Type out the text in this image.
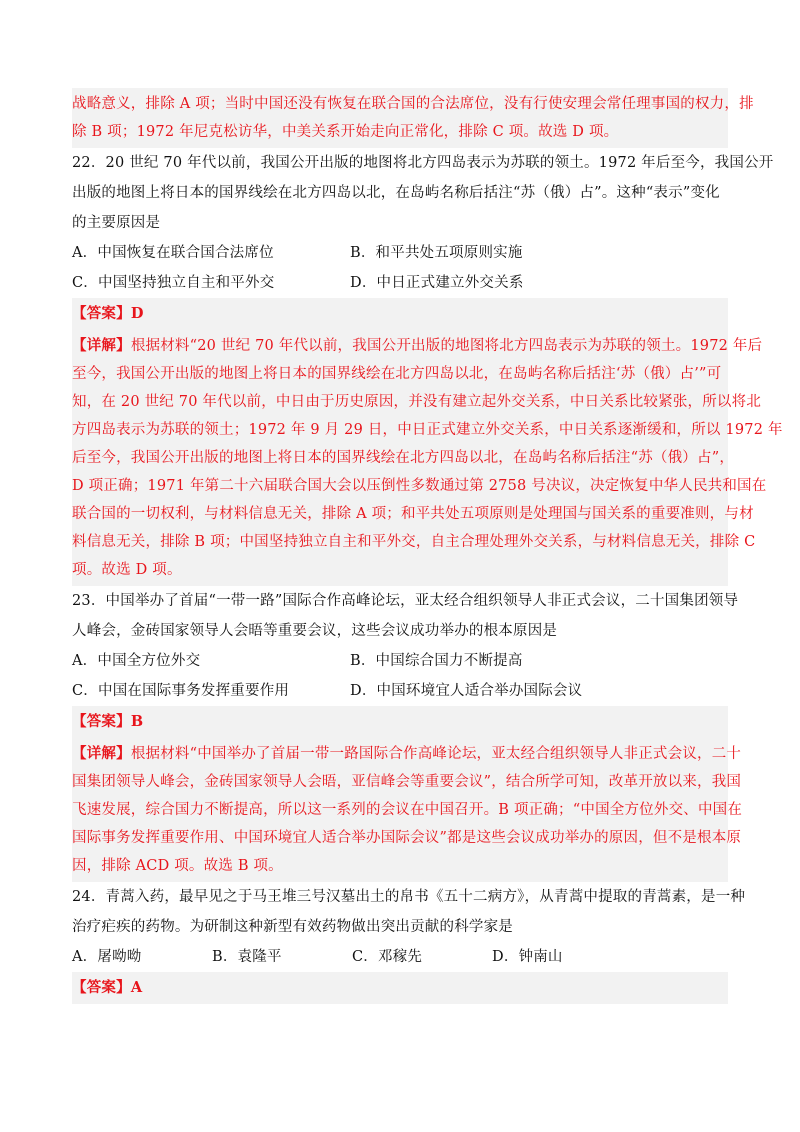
战略意义，排除 A 项；当时中国还没有恢复在联合国的合法席位，没有行使安理会常任理事国的权力，排
除 B 项；1972 年尼克松访华，中美关系开始走向正常化，排除 C 项。故选 D 项。
22．20 世纪 70 年代以前，我国公开出版的地图将北方四岛表示为苏联的领土。1972 年后至今，我国公开
出版的地图上将日本的国界线绘在北方四岛以北，在岛屿名称后括注“苏（俄）占”。这种“表示”变化
的主要原因是
A．中国恢复在联合国合法席位	B．和平共处五项原则实施
C．中国坚持独立自主和平外交	D．中日正式建立外交关系
【答案】D
【详解】根据材料“20 世纪 70 年代以前，我国公开出版的地图将北方四岛表示为苏联的领土。1972 年后
至今，我国公开出版的地图上将日本的国界线绘在北方四岛以北，在岛屿名称后括注‘苏（俄）占’”可
知，在 20 世纪 70 年代以前，中日由于历史原因，并没有建立起外交关系，中日关系比较紧张，所以将北
方四岛表示为苏联的领土；1972 年 9 月 29 日，中日正式建立外交关系，中日关系逐渐缓和，所以 1972 年
后至今，我国公开出版的地图上将日本的国界线绘在北方四岛以北，在岛屿名称后括注“苏（俄）占”，
D 项正确；1971 年第二十六届联合国大会以压倒性多数通过第 2758 号决议，决定恢复中华人民共和国在
联合国的一切权利，与材料信息无关，排除 A 项；和平共处五项原则是处理国与国关系的重要准则，与材
料信息无关，排除 B 项；中国坚持独立自主和平外交，自主合理处理外交关系，与材料信息无关，排除 C
项。故选 D 项。
23．中国举办了首届“一带一路”国际合作高峰论坛，亚太经合组织领导人非正式会议，二十国集团领导
人峰会，金砖国家领导人会晤等重要会议，这些会议成功举办的根本原因是
A．中国全方位外交	B．中国综合国力不断提高
C．中国在国际事务发挥重要作用	D．中国环境宜人适合举办国际会议
【答案】B
【详解】根据材料“中国举办了首届一带一路国际合作高峰论坛，亚太经合组织领导人非正式会议，二十
国集团领导人峰会，金砖国家领导人会晤，亚信峰会等重要会议”，结合所学可知，改革开放以来，我国
飞速发展，综合国力不断提高，所以这一系列的会议在中国召开。B 项正确；“中国全方位外交、中国在
国际事务发挥重要作用、中国环境宜人适合举办国际会议”都是这些会议成功举办的原因，但不是根本原
因，排除 ACD 项。故选 B 项。
24．青蒿入药，最早见之于马王堆三号汉墓出土的帛书《五十二病方》，从青蒿中提取的青蒿素，是一种
治疗疟疾的药物。为研制这种新型有效药物做出突出贡献的科学家是
A．屠呦呦	B．袁隆平	C．邓稼先	D．钟南山
【答案】A
